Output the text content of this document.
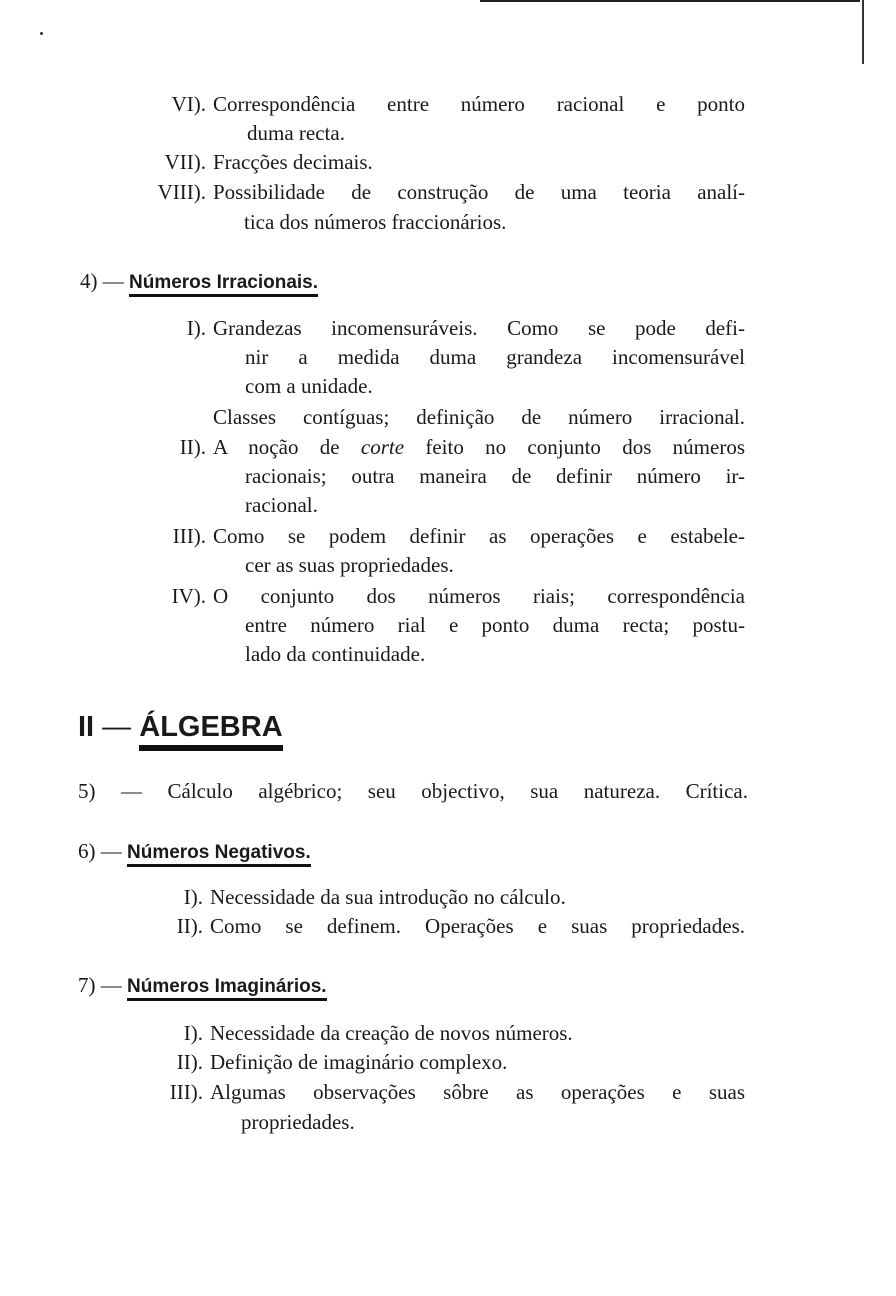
VI). Correspondência entre número racional e ponto
duma recta.
VII). Fracções decimais.
VIII). Possibilidade de construção de uma teoria analí-
tica dos números fraccionários.
4) — Números Irracionais.
I). Grandezas incomensuráveis. Como se pode defi-
nir a medida duma grandeza incomensurável
com a unidade.
Classes contíguas; definição de número irracional.
II). A noção de corte feito no conjunto dos números
racionais; outra maneira de definir número ir-
racional.
III). Como se podem definir as operações e estabele-
cer as suas propriedades.
IV). O conjunto dos números riais; correspondência
entre número rial e ponto duma recta; postu-
lado da continuidade.
II — ÁLGEBRA
5) — Cálculo algébrico; seu objectivo, sua natureza. Crítica.
6) — Números Negativos.
I). Necessidade da sua introdução no cálculo.
II). Como se definem. Operações e suas propriedades.
7) — Números Imaginários.
I). Necessidade da creação de novos números.
II). Definição de imaginário complexo.
III). Algumas observações sôbre as operações e suas
propriedades.
